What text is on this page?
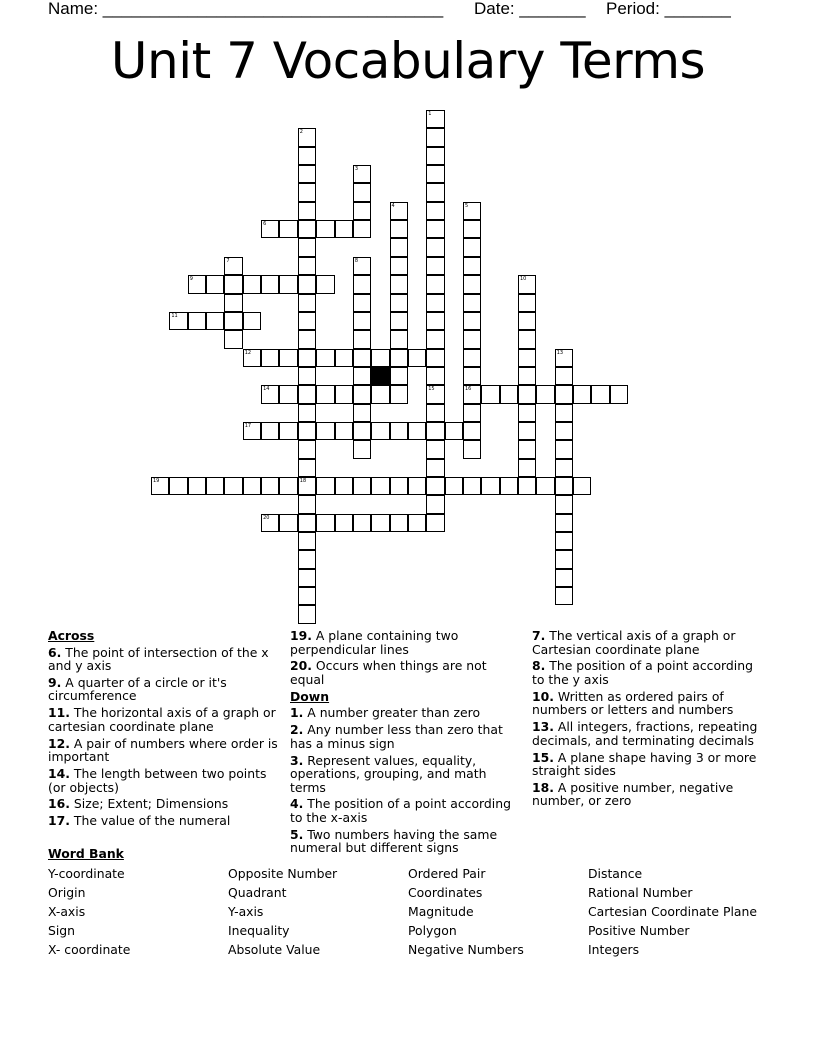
Name: ____________________________________ Date: _______ Period: _______
Unit 7 Vocabulary Terms
6
9
11
12
14	16
17
19	18
20
1
15
2
3
4	5
7	8
10
13
Across
6. The point of intersection of the x and y axis
9. A quarter of a circle or it's circumference
11. The horizontal axis of a graph or cartesian coordinate plane
12. A pair of numbers where order is important
14. The length between two points (or objects)
16. Size; Extent; Dimensions
17. The value of the numeral
19. A plane containing two perpendicular lines
20. Occurs when things are not equal
Down
1. A number greater than zero
2. Any number less than zero that has a minus sign
3. Represent values, equality, operations, grouping, and math terms
4. The position of a point according to the x-axis
5. Two numbers having the same numeral but different signs
7. The vertical axis of a graph or Cartesian coordinate plane
8. The position of a point according to the y axis
10. Written as ordered pairs of numbers or letters and numbers
13. All integers, fractions, repeating decimals, and terminating decimals
15. A plane shape having 3 or more straight sides
18. A positive number, negative number, or zero
Word Bank
Y-coordinate
Origin
X-axis
Sign
X- coordinate
Opposite Number
Quadrant
Y-axis
Inequality
Absolute Value
Ordered Pair
Coordinates
Magnitude
Polygon
Negative Numbers
Distance
Rational Number
Cartesian Coordinate Plane
Positive Number
Integers
